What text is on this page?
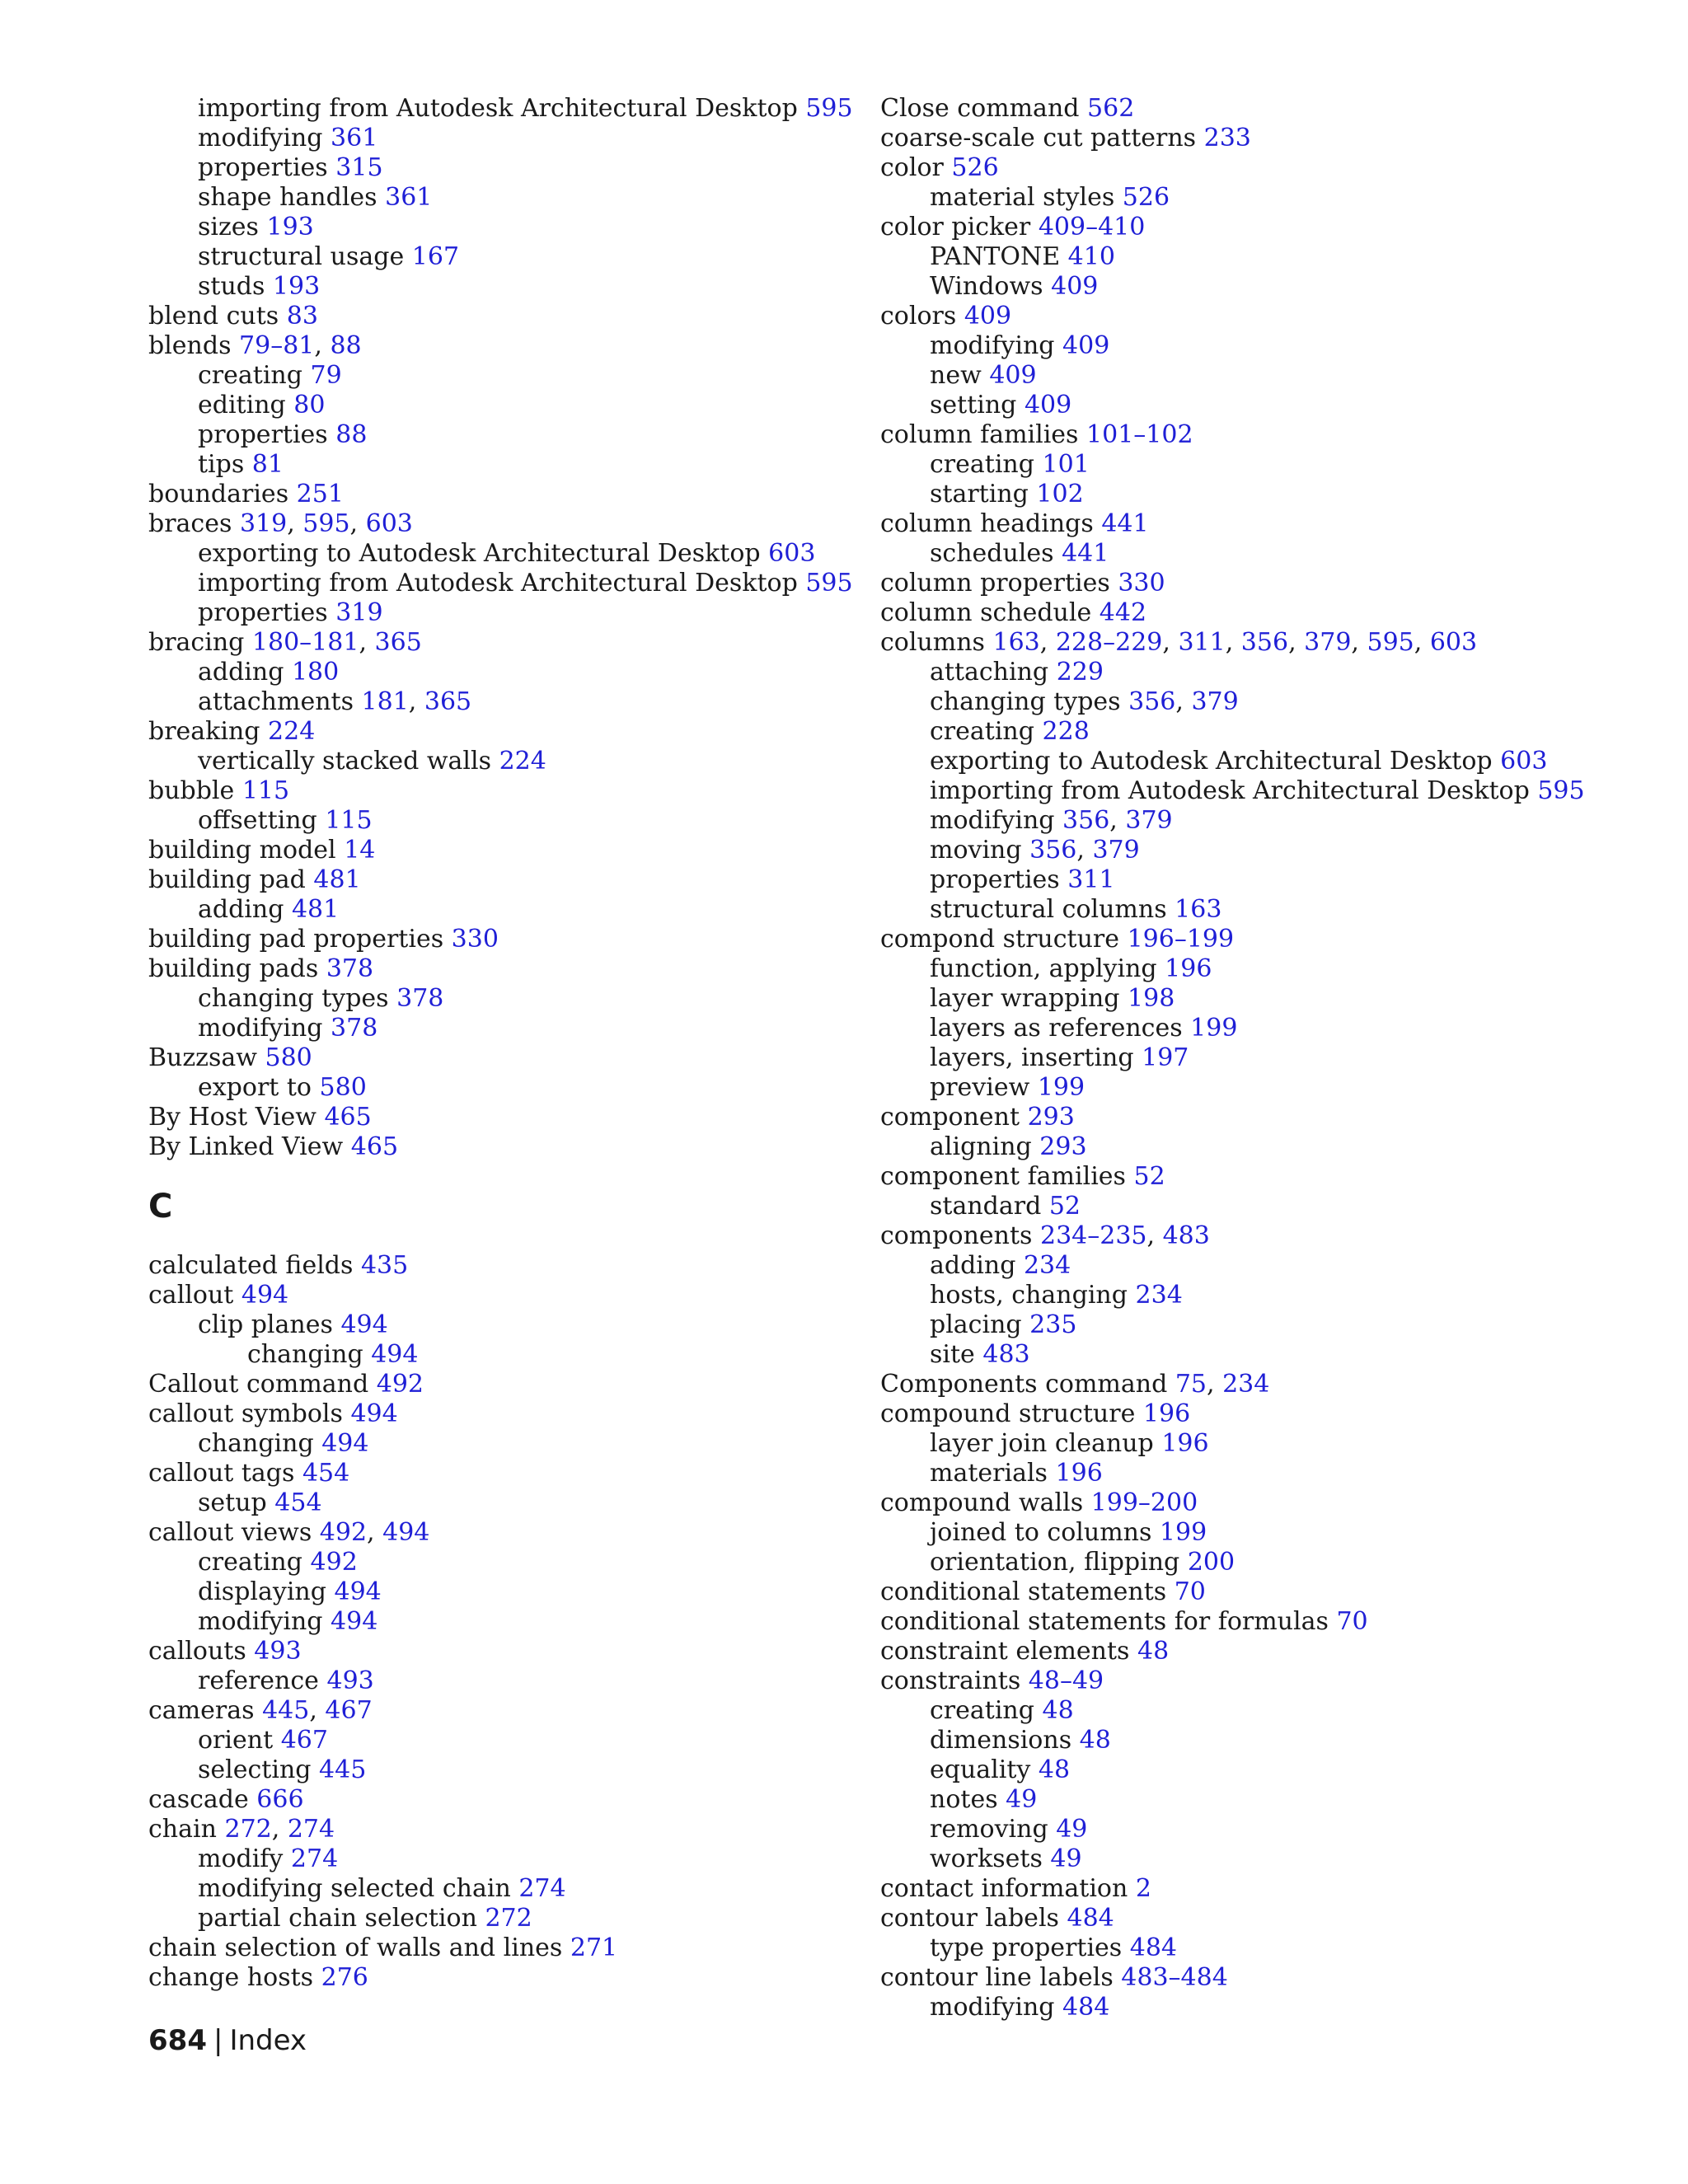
importing from Autodesk Architectural Desktop 595
modifying 361
properties 315
shape handles 361
sizes 193
structural usage 167
studs 193
blend cuts 83
blends 79–81, 88
creating 79
editing 80
properties 88
tips 81
boundaries 251
braces 319, 595, 603
exporting to Autodesk Architectural Desktop 603
importing from Autodesk Architectural Desktop 595
properties 319
bracing 180–181, 365
adding 180
attachments 181, 365
breaking 224
vertically stacked walls 224
bubble 115
offsetting 115
building model 14
building pad 481
adding 481
building pad properties 330
building pads 378
changing types 378
modifying 378
Buzzsaw 580
export to 580
By Host View 465
By Linked View 465
C
calculated fields 435
callout 494
clip planes 494
changing 494
Callout command 492
callout symbols 494
changing 494
callout tags 454
setup 454
callout views 492, 494
creating 492
displaying 494
modifying 494
callouts 493
reference 493
cameras 445, 467
orient 467
selecting 445
cascade 666
chain 272, 274
modify 274
modifying selected chain 274
partial chain selection 272
chain selection of walls and lines 271
change hosts 276
Close command 562
coarse-scale cut patterns 233
color 526
material styles 526
color picker 409–410
PANTONE 410
Windows 409
colors 409
modifying 409
new 409
setting 409
column families 101–102
creating 101
starting 102
column headings 441
schedules 441
column properties 330
column schedule 442
columns 163, 228–229, 311, 356, 379, 595, 603
attaching 229
changing types 356, 379
creating 228
exporting to Autodesk Architectural Desktop 603
importing from Autodesk Architectural Desktop 595
modifying 356, 379
moving 356, 379
properties 311
structural columns 163
compond structure 196–199
function, applying 196
layer wrapping 198
layers as references 199
layers, inserting 197
preview 199
component 293
aligning 293
component families 52
standard 52
components 234–235, 483
adding 234
hosts, changing 234
placing 235
site 483
Components command 75, 234
compound structure 196
layer join cleanup 196
materials 196
compound walls 199–200
joined to columns 199
orientation, flipping 200
conditional statements 70
conditional statements for formulas 70
constraint elements 48
constraints 48–49
creating 48
dimensions 48
equality 48
notes 49
removing 49
worksets 49
contact information 2
contour labels 484
type properties 484
contour line labels 483–484
modifying 484
684 | Index
